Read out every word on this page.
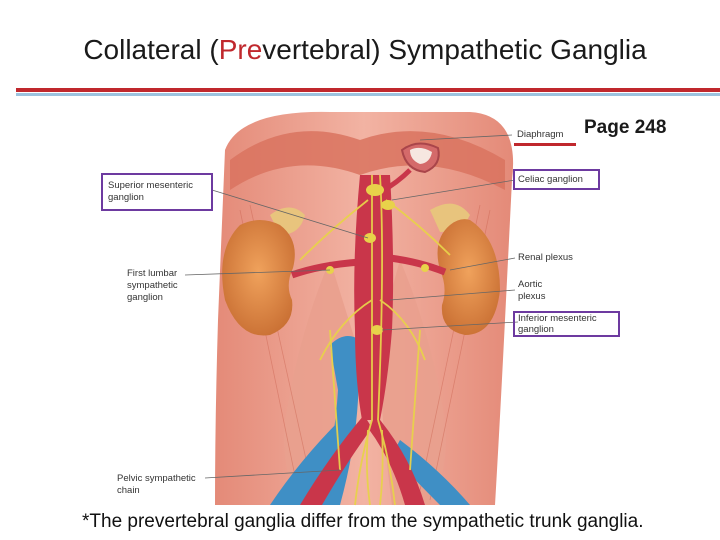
Collateral (Prevertebral) Sympathetic Ganglia
Diaphragm Page 248
Superior mesenteric
ganglion
Celiac ganglion
First lumbar
sympathetic
ganglion
Renal plexus
Aortic
plexus
Inferior mesenteric
ganglion
Pelvic sympathetic
chain
*The prevertebral ganglia differ from the sympathetic trunk ganglia.
